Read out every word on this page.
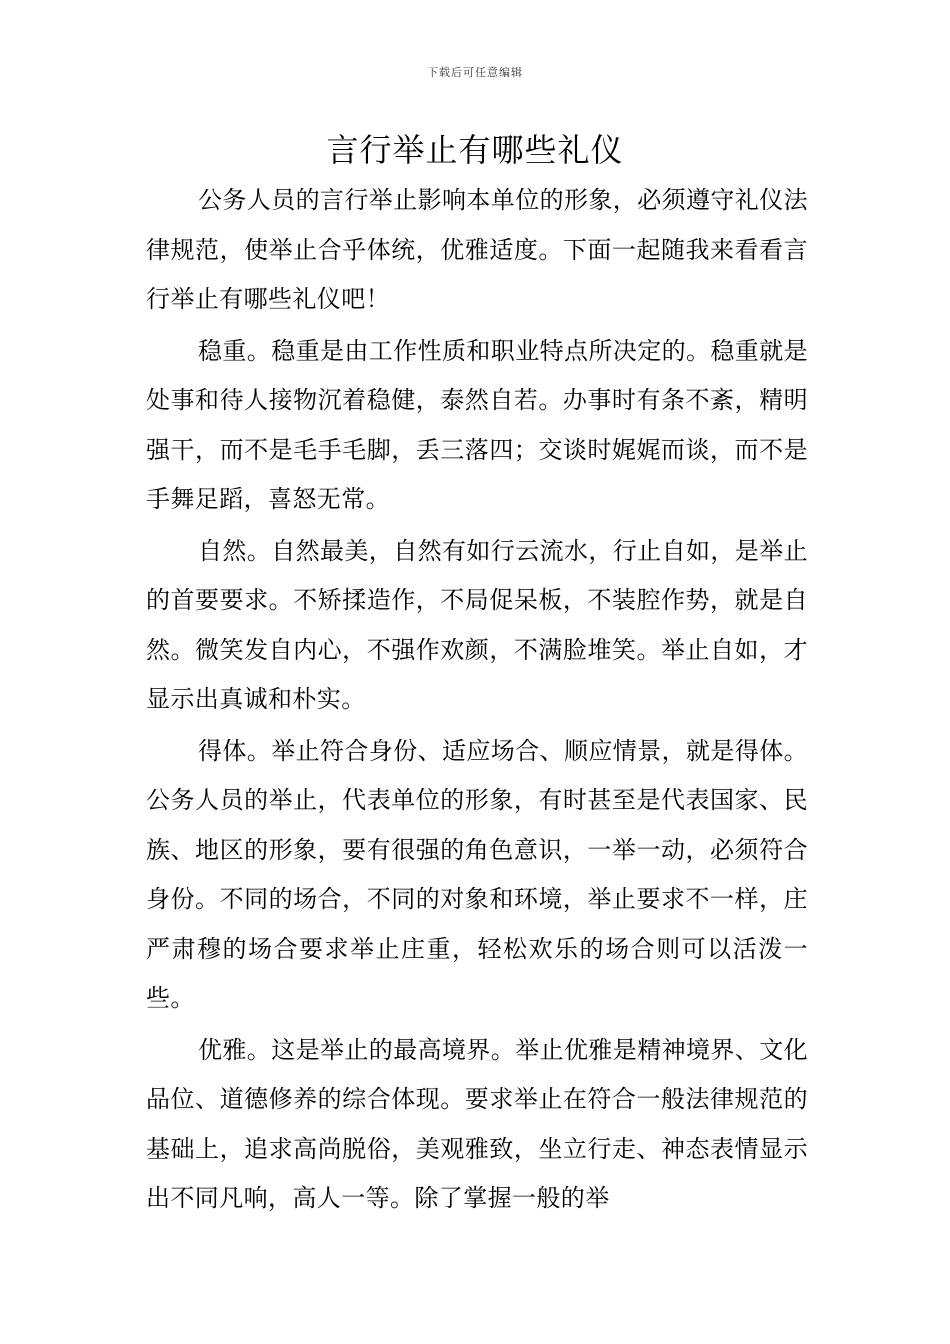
下载后可任意编辑
言行举止有哪些礼仪

公务人员的言行举止影响本单位的形象，必须遵守礼仪法律规范，使举止合乎体统，优雅适度。下面一起随我来看看言行举止有哪些礼仪吧！

稳重。稳重是由工作性质和职业特点所决定的。稳重就是处事和待人接物沉着稳健，泰然自若。办事时有条不紊，精明强干，而不是毛手毛脚，丢三落四；交谈时娓娓而谈，而不是手舞足蹈，喜怒无常。

自然。自然最美，自然有如行云流水，行止自如，是举止的首要要求。不矫揉造作，不局促呆板，不装腔作势，就是自然。微笑发自内心，不强作欢颜，不满脸堆笑。举止自如，才显示出真诚和朴实。

得体。举止符合身份、适应场合、顺应情景，就是得体。公务人员的举止，代表单位的形象，有时甚至是代表国家、民族、地区的形象，要有很强的角色意识，一举一动，必须符合身份。不同的场合，不同的对象和环境，举止要求不一样，庄严肃穆的场合要求举止庄重，轻松欢乐的场合则可以活泼一些。

优雅。这是举止的最高境界。举止优雅是精神境界、文化品位、道德修养的综合体现。要求举止在符合一般法律规范的基础上，追求高尚脱俗，美观雅致，坐立行走、神态表情显示出不同凡响，高人一等。除了掌握一般的举
